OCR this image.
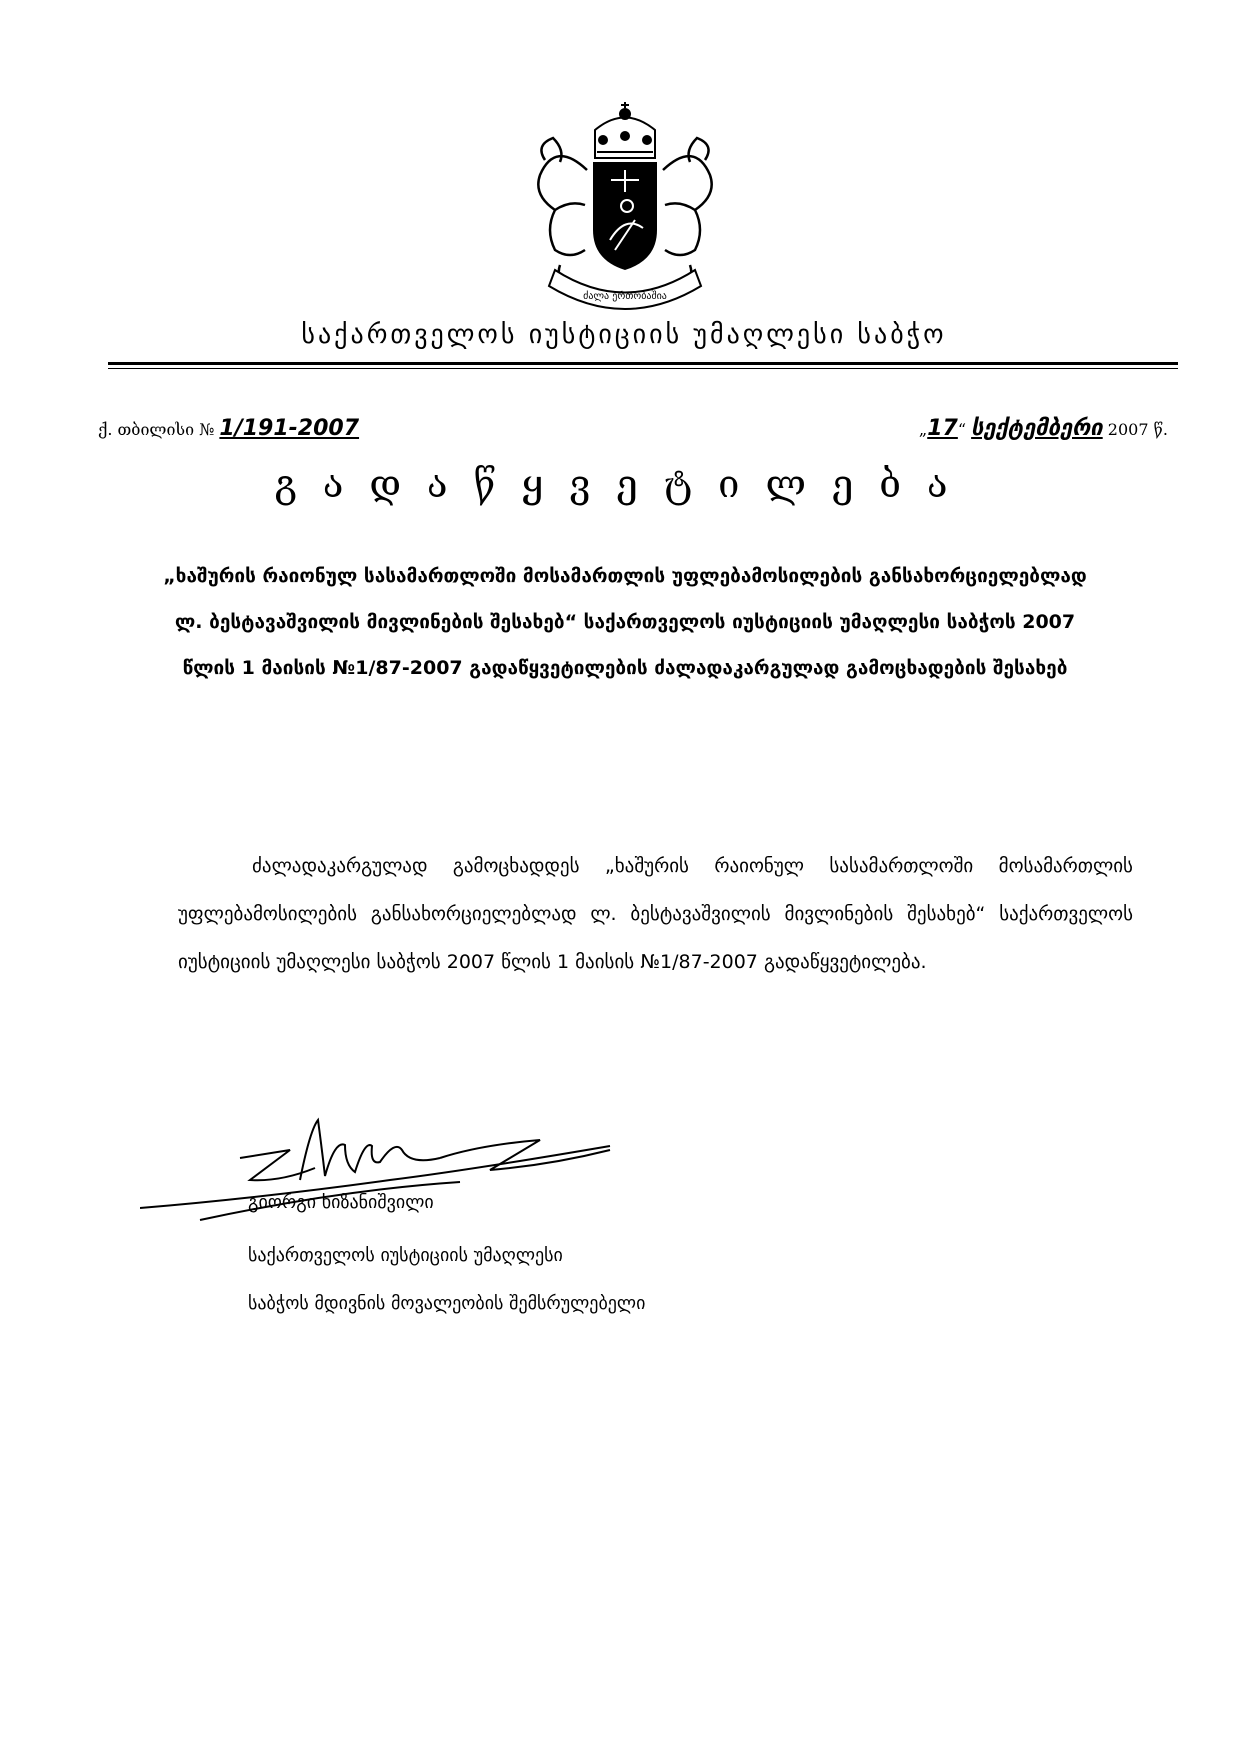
ძალა ერთობაშია
საქართველოს იუსტიციის უმაღლესი საბჭო
ქ. თბილისი № 1/191-2007	„17“ სექტემბერი 2007 წ.
გადაწყვეტილება
„ხაშურის რაიონულ სასამართლოში მოსამართლის უფლებამოსილების განსახორციელებლად ლ. ბესტავაშვილის მივლინების შესახებ“ საქართველოს იუსტიციის უმაღლესი საბჭოს 2007 წლის 1 მაისის №1/87-2007 გადაწყვეტილების ძალადაკარგულად გამოცხადების შესახებ
ძალადაკარგულად გამოცხადდეს „ხაშურის რაიონულ სასამართლოში მოსამართლის უფლებამოსილების განსახორციელებლად ლ. ბესტავაშვილის მივლინების შესახებ“ საქართველოს იუსტიციის უმაღლესი საბჭოს 2007 წლის 1 მაისის №1/87-2007 გადაწყვეტილება.
გიორგი ხიზანიშვილი
საქართველოს იუსტიციის უმაღლესი
საბჭოს მდივნის მოვალეობის შემსრულებელი
